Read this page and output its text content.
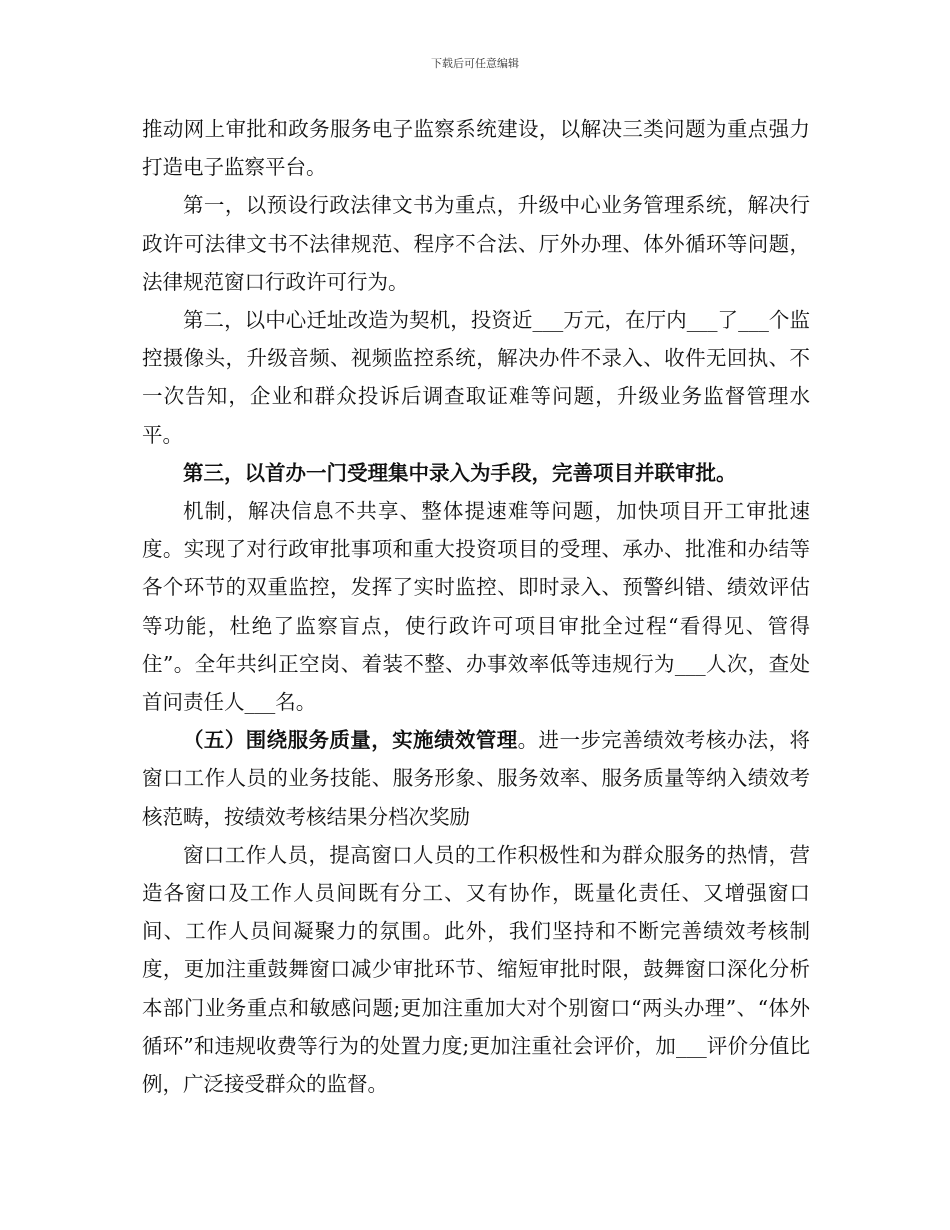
下载后可任意编辑

推动网上审批和政务服务电子监察系统建设，以解决三类问题为重点强力打造电子监察平台。

第一，以预设行政法律文书为重点，升级中心业务管理系统，解决行政许可法律文书不法律规范、程序不合法、厅外办理、体外循环等问题，法律规范窗口行政许可行为。

第二，以中心迁址改造为契机，投资近___万元，在厅内___了___个监控摄像头，升级音频、视频监控系统，解决办件不录入、收件无回执、不一次告知，企业和群众投诉后调查取证难等问题，升级业务监督管理水平。

第三，以首办一门受理集中录入为手段，完善项目并联审批。

机制，解决信息不共享、整体提速难等问题，加快项目开工审批速度。实现了对行政审批事项和重大投资项目的受理、承办、批准和办结等各个环节的双重监控，发挥了实时监控、即时录入、预警纠错、绩效评估等功能，杜绝了监察盲点，使行政许可项目审批全过程“看得见、管得住”。全年共纠正空岗、着装不整、办事效率低等违规行为___人次，查处首问责任人___名。

（五）围绕服务质量，实施绩效管理。进一步完善绩效考核办法，将窗口工作人员的业务技能、服务形象、服务效率、服务质量等纳入绩效考核范畴，按绩效考核结果分档次奖励

窗口工作人员，提高窗口人员的工作积极性和为群众服务的热情，营造各窗口及工作人员间既有分工、又有协作，既量化责任、又增强窗口间、工作人员间凝聚力的氛围。此外，我们坚持和不断完善绩效考核制度，更加注重鼓舞窗口减少审批环节、缩短审批时限，鼓舞窗口深化分析本部门业务重点和敏感问题;更加注重加大对个别窗口“两头办理”、“体外循环”和违规收费等行为的处置力度;更加注重社会评价，加___评价分值比例，广泛接受群众的监督。
